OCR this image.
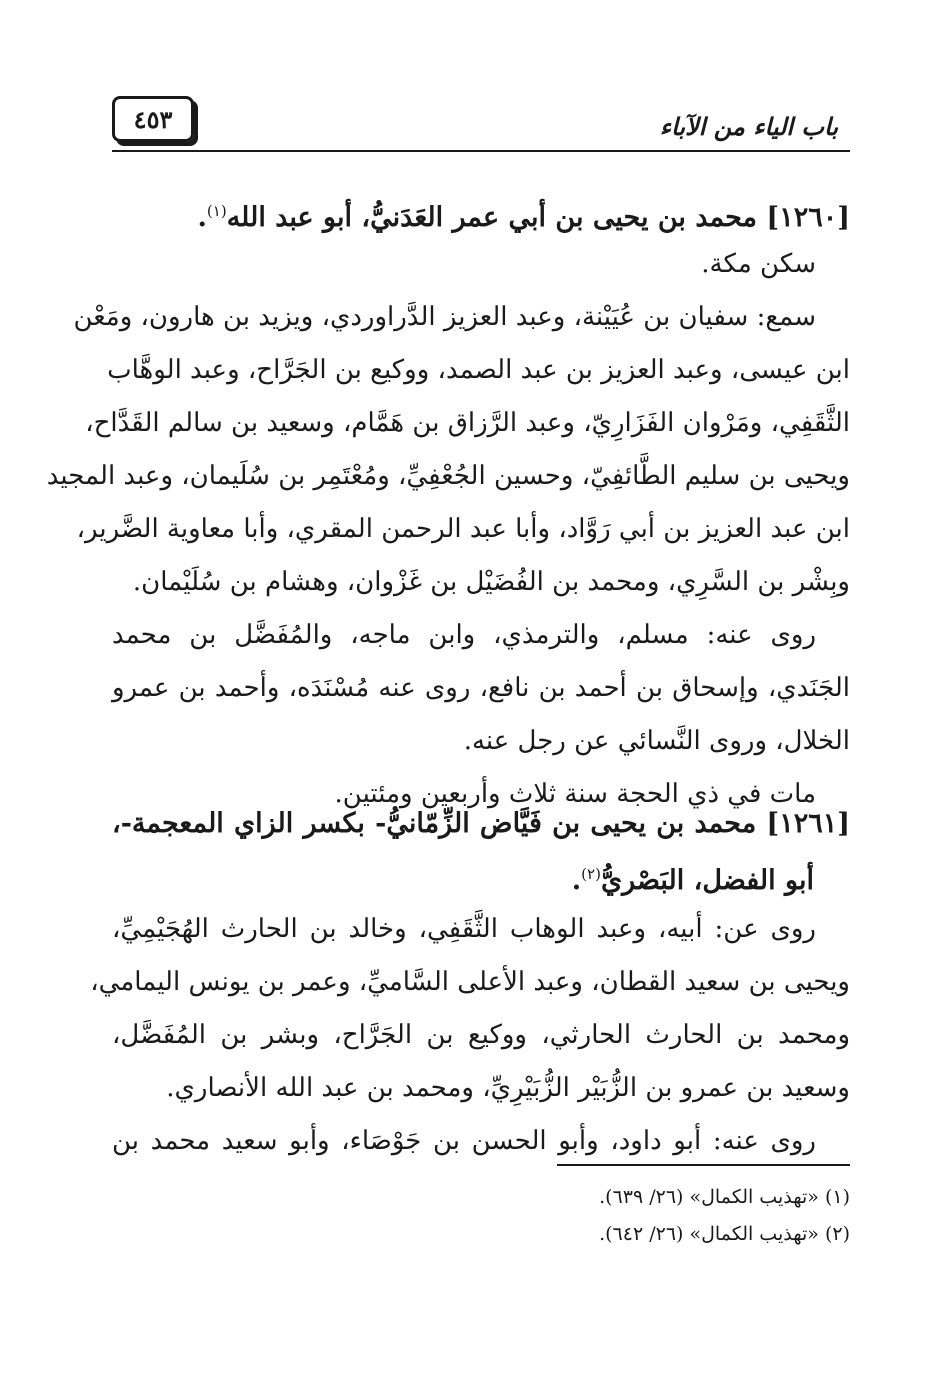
باب الياء من الآباء
٤٥٣
[١٢٦٠] محمد بن يحيى بن أبي عمر العَدَنيُّ، أبو عبد الله$^{(١)}$.
سكن مكة.
سمع: سفيان بن عُيَيْنة، وعبد العزيز الدَّراوردي، ويزيد بن هارون، ومَعْن
ابن عيسى، وعبد العزيز بن عبد الصمد، ووكيع بن الجَرَّاح، وعبد الوهَّاب
الثَّقَفِي، ومَرْوان الفَزَارِيّ، وعبد الرَّزاق بن هَمَّام، وسعيد بن سالم القَدَّاح،
ويحيى بن سليم الطَّائفِيّ، وحسين الجُعْفِيِّ، ومُعْتَمِر بن سُلَيمان، وعبد المجيد
ابن عبد العزيز بن أبي رَوَّاد، وأبا عبد الرحمن المقري، وأبا معاوية الضَّرير،
وبِشْر بن السَّرِي، ومحمد بن الفُضَيْل بن غَزْوان، وهشام بن سُلَيْمان.
روى عنه: مسلم، والترمذي، وابن ماجه، والمُفَضَّل بن محمد
الجَنَدي، وإسحاق بن أحمد بن نافع، روى عنه مُسْنَدَه، وأحمد بن عمرو
الخلال، وروى النَّسائي عن رجل عنه.
مات في ذي الحجة سنة ثلاث وأربعين ومئتين.
[١٢٦١] محمد بن يحيى بن فَيَّاض الزِّمّانيُّ- بكسر الزاي المعجمة-،
أبو الفضل، البَصْريُّ$^{(٢)}$.
روى عن: أبيه، وعبد الوهاب الثَّقَفِي، وخالد بن الحارث الهُجَيْمِيِّ،
ويحيى بن سعيد القطان، وعبد الأعلى السَّاميِّ، وعمر بن يونس اليمامي،
ومحمد بن الحارث الحارثي، ووكيع بن الجَرَّاح، وبشر بن المُفَضَّل،
وسعيد بن عمرو بن الزُّبَيْر الزُّبَيْرِيِّ، ومحمد بن عبد الله الأنصاري.
روى عنه: أبو داود، وأبو الحسن بن جَوْصَاء، وأبو سعيد محمد بن
(١) «تهذيب الكمال» (٢٦/ ٦٣٩).
(٢) «تهذيب الكمال» (٢٦/ ٦٤٢).
